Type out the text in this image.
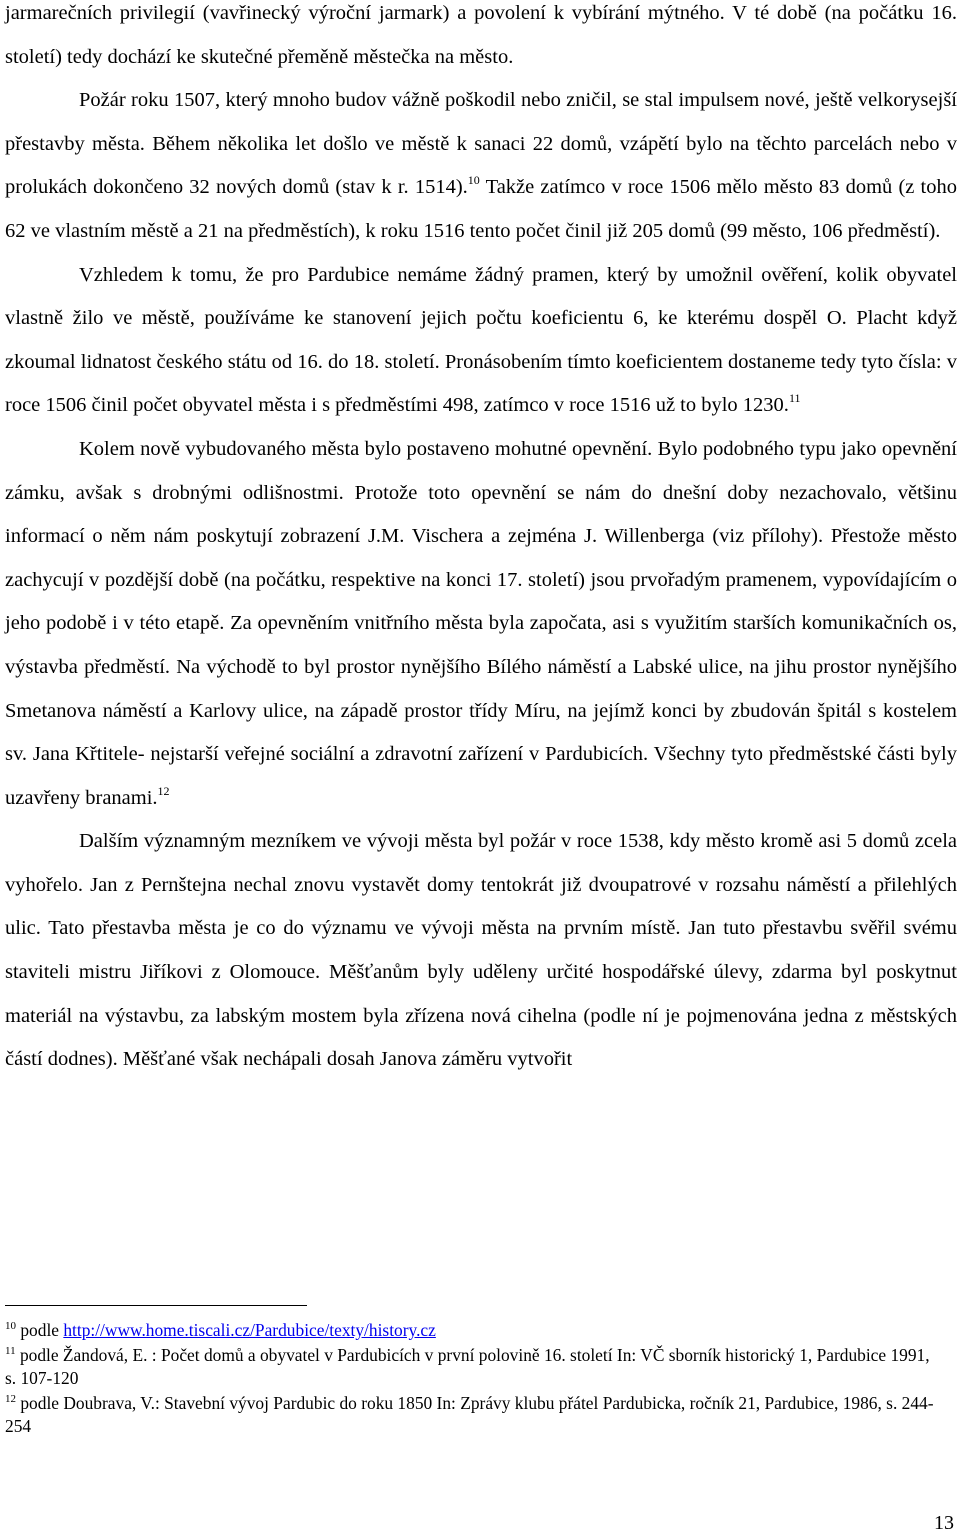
jarmarečních privilegií (vavřinecký výroční jarmark) a povolení k vybírání mýtného. V té době (na počátku 16. století) tedy dochází ke skutečné přeměně městečka na město.

Požár roku 1507, který mnoho budov vážně poškodil nebo zničil, se stal impulsem nové, ještě velkorysejší přestavby města. Během několika let došlo ve městě k sanaci 22 domů, vzápětí bylo na těchto parcelách nebo v prolukách dokončeno 32 nových domů (stav k r. 1514).$^{10}$ Takže zatímco v roce 1506 mělo město 83 domů (z toho 62 ve vlastním městě a 21 na předměstích), k roku 1516 tento počet činil již 205 domů (99 město, 106 předměstí).

Vzhledem k tomu, že pro Pardubice nemáme žádný pramen, který by umožnil ověření, kolik obyvatel vlastně žilo ve městě, používáme ke stanovení jejich počtu koeficientu 6, ke kterému dospěl O. Placht když zkoumal lidnatost českého státu od 16. do 18. století. Pronásobením tímto koeficientem dostaneme tedy tyto čísla: v roce 1506 činil počet obyvatel města i s předměstími 498, zatímco v roce 1516 už to bylo 1230.11

Kolem nově vybudovaného města bylo postaveno mohutné opevnění. Bylo podobného typu jako opevnění zámku, avšak s drobnými odlišnostmi. Protože toto opevnění se nám do dnešní doby nezachovalo, většinu informací o něm nám poskytují zobrazení J.M. Vischera a zejména J. Willenberga (viz přílohy). Přestože město zachycují v pozdější době (na počátku, respektive na konci 17. století) jsou prvořadým pramenem, vypovídajícím o jeho podobě i v této etapě. Za opevněním vnitřního města byla započata, asi s využitím starších komunikačních os, výstavba předměstí. Na východě to byl prostor nynějšího Bílého náměstí a Labské ulice, na jihu prostor nynějšího Smetanova náměstí a Karlovy ulice, na západě prostor třídy Míru, na jejímž konci by zbudován špitál s kostelem sv. Jana Křtitele- nejstarší veřejné sociální a zdravotní zařízení v Pardubicích. Všechny tyto předměstské části byly uzavřeny branami.$^{12}$

Dalším významným mezníkem ve vývoji města byl požár v roce 1538, kdy město kromě asi 5 domů zcela vyhořelo. Jan z Pernštejna nechal znovu vystavět domy tentokrát již dvoupatrové v rozsahu náměstí a přilehlých ulic. Tato přestavba města je co do významu ve vývoji města na prvním místě. Jan tuto přestavbu svěřil svému staviteli mistru Jiříkovi z Olomouce. Měšťanům byly uděleny určité hospodářské úlevy, zdarma byl poskytnut materiál na výstavbu, za labským mostem byla zřízena nová cihelna (podle ní je pojmenována jedna z městských částí dodnes). Měšťané však nechápali dosah Janova záměru vytvořit

$^{10}$ podle http://www.home.tiscali.cz/Pardubice/texty/history.cz

$^{11}$ podle Žandová, E. : Počet domů a obyvatel v Pardubicích v první polovině 16. století In: VČ sborník historický 1, Pardubice 1991, s. 107-120

$^{12}$ podle Doubrava, V.: Stavební vývoj Pardubic do roku 1850 In: Zprávy klubu přátel Pardubicka, ročník 21, Pardubice, 1986, s. 244- 254

13
